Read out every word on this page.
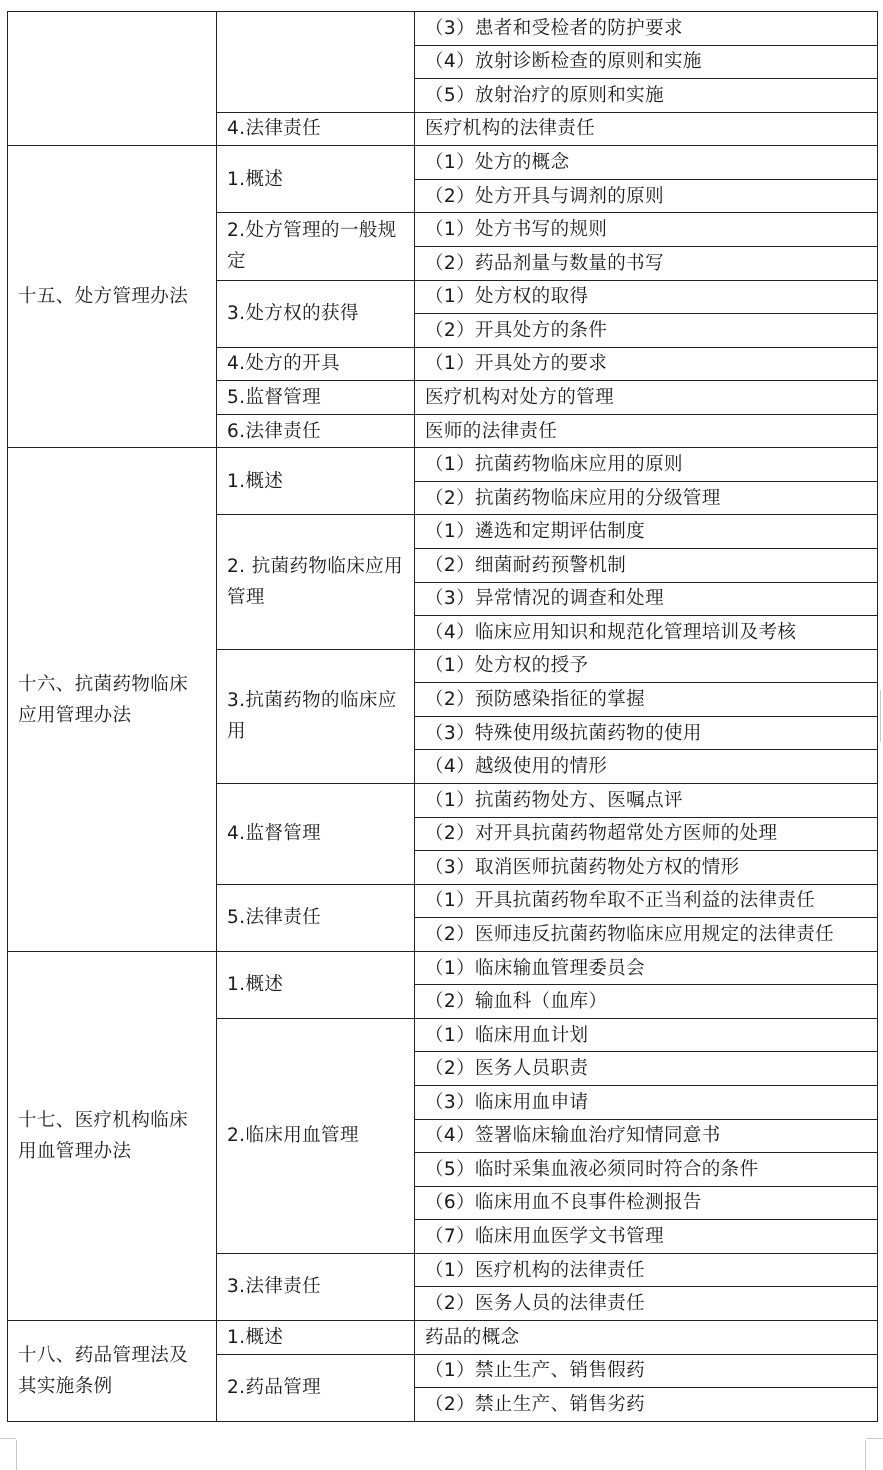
		（3）患者和受检者的防护要求
		（4）放射诊断检查的原则和实施
		（5）放射治疗的原则和实施
	4.法律责任	医疗机构的法律责任
十五、处方管理办法	1.概述	（1）处方的概念
		（2）处方开具与调剂的原则
	2.处方管理的一般规定	（1）处方书写的规则
		（2）药品剂量与数量的书写
	3.处方权的获得	（1）处方权的取得
		（2）开具处方的条件
	4.处方的开具	（1）开具处方的要求
	5.监督管理	医疗机构对处方的管理
	6.法律责任	医师的法律责任
十六、抗菌药物临床应用管理办法	1.概述	（1）抗菌药物临床应用的原则
		（2）抗菌药物临床应用的分级管理
	2. 抗菌药物临床应用管理	（1）遴选和定期评估制度
		（2）细菌耐药预警机制
		（3）异常情况的调查和处理
		（4）临床应用知识和规范化管理培训及考核
	3.抗菌药物的临床应用	（1）处方权的授予
		（2）预防感染指征的掌握
		（3）特殊使用级抗菌药物的使用
		（4）越级使用的情形
	4.监督管理	（1）抗菌药物处方、医嘱点评
		（2）对开具抗菌药物超常处方医师的处理
		（3）取消医师抗菌药物处方权的情形
	5.法律责任	（1）开具抗菌药物牟取不正当利益的法律责任
		（2）医师违反抗菌药物临床应用规定的法律责任
十七、医疗机构临床用血管理办法	1.概述	（1）临床输血管理委员会
		（2）输血科（血库）
	2.临床用血管理	（1）临床用血计划
		（2）医务人员职责
		（3）临床用血申请
		（4）签署临床输血治疗知情同意书
		（5）临时采集血液必须同时符合的条件
		（6）临床用血不良事件检测报告
		（7）临床用血医学文书管理
	3.法律责任	（1）医疗机构的法律责任
		（2）医务人员的法律责任
十八、药品管理法及其实施条例	1.概述	药品的概念
	2.药品管理	（1）禁止生产、销售假药
		（2）禁止生产、销售劣药
